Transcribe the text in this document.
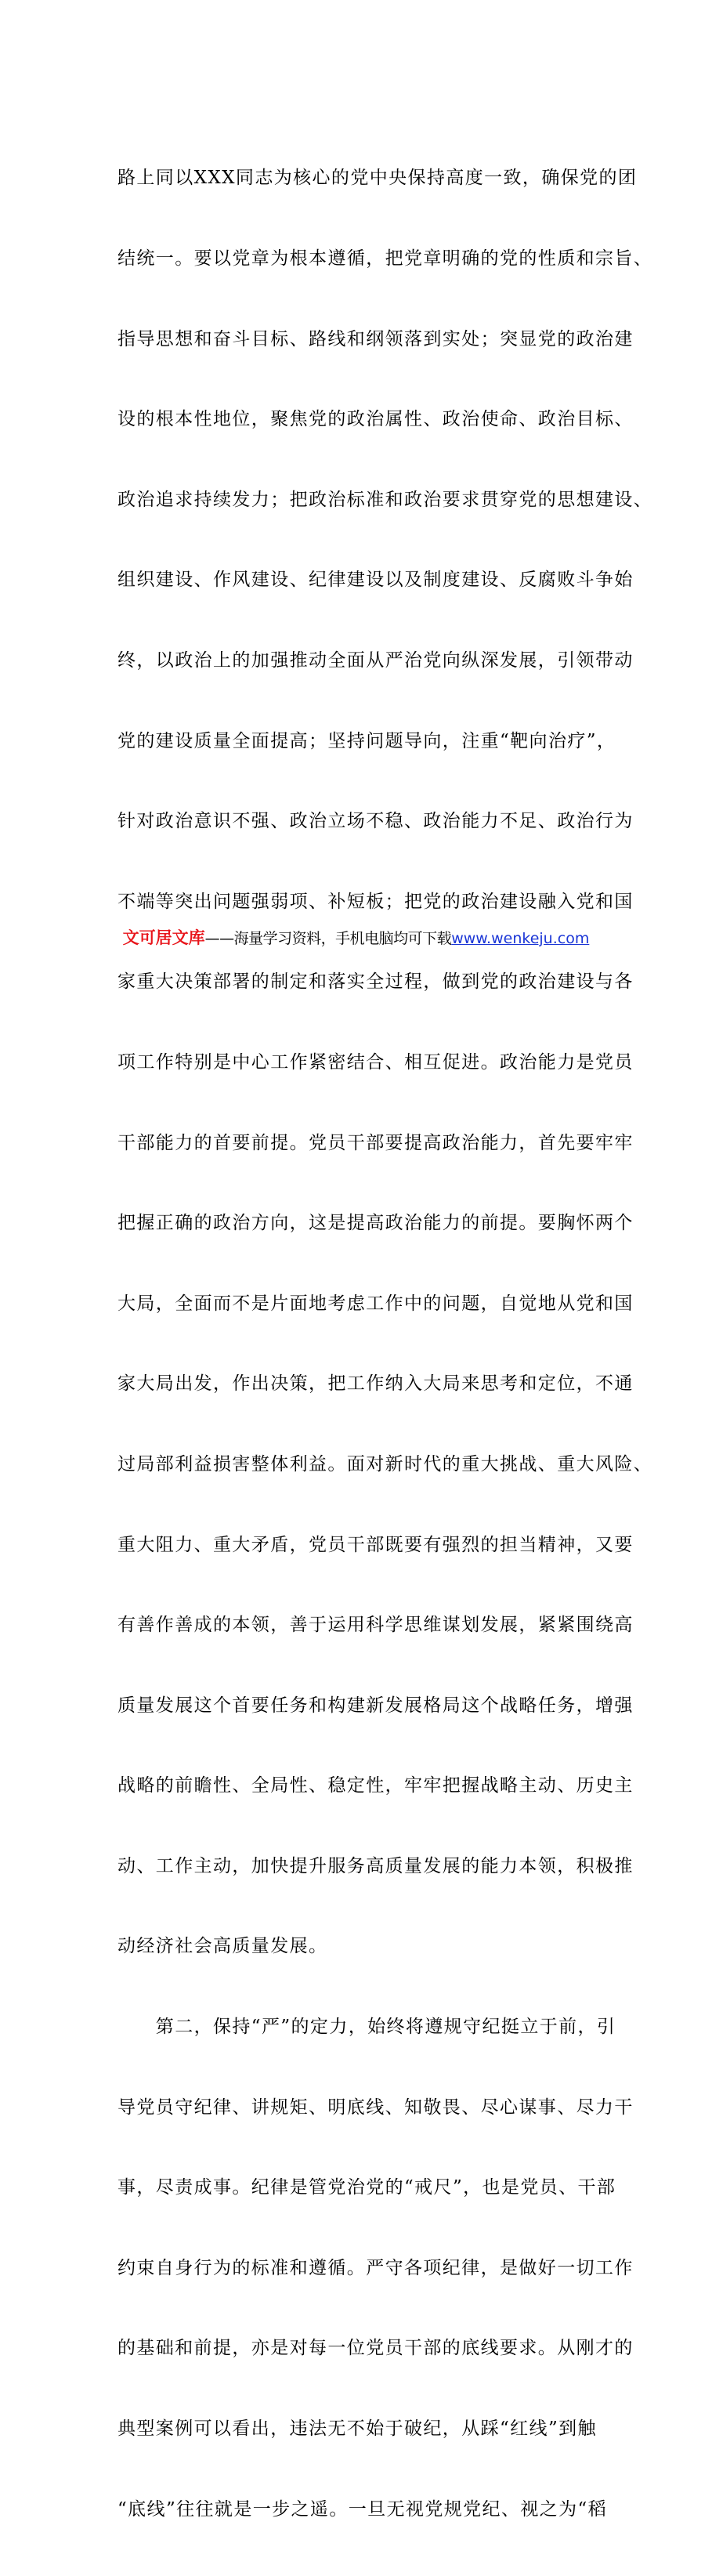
路上同以XXX同志为核心的党中央保持高度一致，确保党的团

结统一。要以党章为根本遵循，把党章明确的党的性质和宗旨、

指导思想和奋斗目标、路线和纲领落到实处；突显党的政治建

设的根本性地位，聚焦党的政治属性、政治使命、政治目标、

政治追求持续发力；把政治标准和政治要求贯穿党的思想建设、

组织建设、作风建设、纪律建设以及制度建设、反腐败斗争始

终，以政治上的加强推动全面从严治党向纵深发展，引领带动

党的建设质量全面提高；坚持问题导向，注重“靶向治疗”，

针对政治意识不强、政治立场不稳、政治能力不足、政治行为

不端等突出问题强弱项、补短板；把党的政治建设融入党和国

家重大决策部署的制定和落实全过程，做到党的政治建设与各

项工作特别是中心工作紧密结合、相互促进。政治能力是党员

干部能力的首要前提。党员干部要提高政治能力，首先要牢牢

把握正确的政治方向，这是提高政治能力的前提。要胸怀两个

大局，全面而不是片面地考虑工作中的问题，自觉地从党和国

家大局出发，作出决策，把工作纳入大局来思考和定位，不通

过局部利益损害整体利益。面对新时代的重大挑战、重大风险、

重大阻力、重大矛盾，党员干部既要有强烈的担当精神，又要

有善作善成的本领，善于运用科学思维谋划发展，紧紧围绕高

质量发展这个首要任务和构建新发展格局这个战略任务，增强

战略的前瞻性、全局性、稳定性，牢牢把握战略主动、历史主

动、工作主动，加快提升服务高质量发展的能力本领，积极推

动经济社会高质量发展。

　　第二，保持“严”的定力，始终将遵规守纪挺立于前，引

导党员守纪律、讲规矩、明底线、知敬畏、尽心谋事、尽力干

事，尽责成事。纪律是管党治党的“戒尺”，也是党员、干部

约束自身行为的标准和遵循。严守各项纪律，是做好一切工作

的基础和前提，亦是对每一位党员干部的底线要求。从刚才的

典型案例可以看出，违法无不始于破纪，从踩“红线”到触

“底线”往往就是一步之遥。一旦无视党规党纪、视之为“稻

文可居文库——海量学习资料，手机电脑均可下载www.wenkeju.com
